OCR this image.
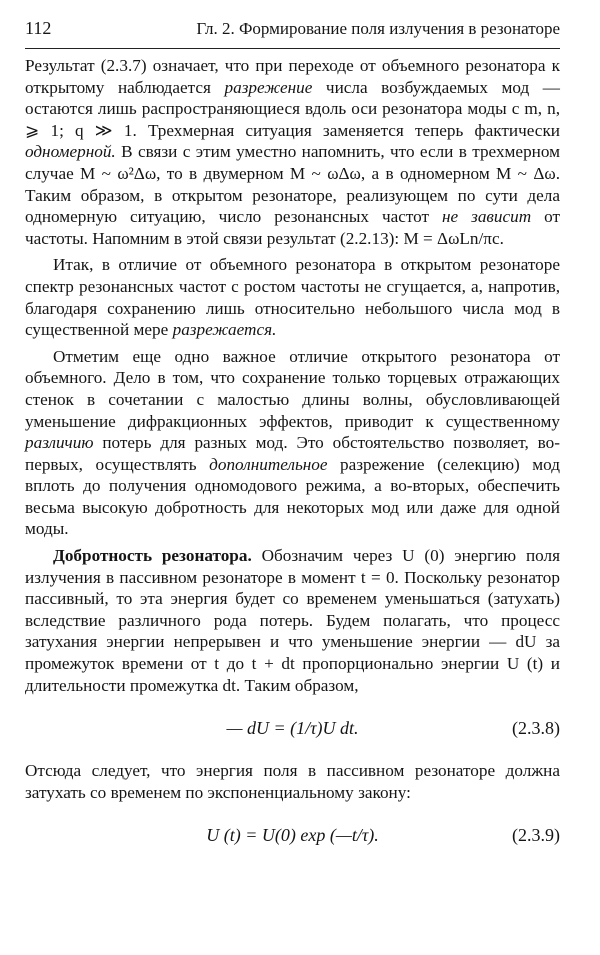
112	Гл. 2. Формирование поля излучения в резонаторе

Результат (2.3.7) означает, что при переходе от объемного резонатора к открытому наблюдается разрежение числа возбуждаемых мод — остаются лишь распространяющиеся вдоль оси резонатора моды с m, n, ⩾ 1; q ≫ 1. Трехмерная ситуация заменяется теперь фактически одномерной. В связи с этим уместно напомнить, что если в трехмерном случае M ~ ω²Δω, то в двумерном M ~ ωΔω, а в одномерном M ~ Δω. Таким образом, в открытом резонаторе, реализующем по сути дела одномерную ситуацию, число резонансных частот не зависит от частоты. Напомним в этой связи результат (2.2.13): M = ΔωLn/πc.

Итак, в отличие от объемного резонатора в открытом резонаторе спектр резонансных частот с ростом частоты не сгущается, а, напротив, благодаря сохранению лишь относительно небольшого числа мод в существенной мере разрежается.

Отметим еще одно важное отличие открытого резонатора от объемного. Дело в том, что сохранение только торцевых отражающих стенок в сочетании с малостью длины волны, обусловливающей уменьшение дифракционных эффектов, приводит к существенному различию потерь для разных мод. Это обстоятельство позволяет, во-первых, осуществлять дополнительное разрежение (селекцию) мод вплоть до получения одномодового режима, а во-вторых, обеспечить весьма высокую добротность для некоторых мод или даже для одной моды.

Добротность резонатора. Обозначим через U (0) энергию поля излучения в пассивном резонаторе в момент t = 0. Поскольку резонатор пассивный, то эта энергия будет со временем уменьшаться (затухать) вследствие различного рода потерь. Будем полагать, что процесс затухания энергии непрерывен и что уменьшение энергии — dU за промежуток времени от t до t + dt пропорционально энергии U (t) и длительности промежутка dt. Таким образом,

— dU = (1/τ)U dt.	(2.3.8)

Отсюда следует, что энергия поля в пассивном резонаторе должна затухать со временем по экспоненциальному закону:

U (t) = U(0) exp (—t/τ).	(2.3.9)
